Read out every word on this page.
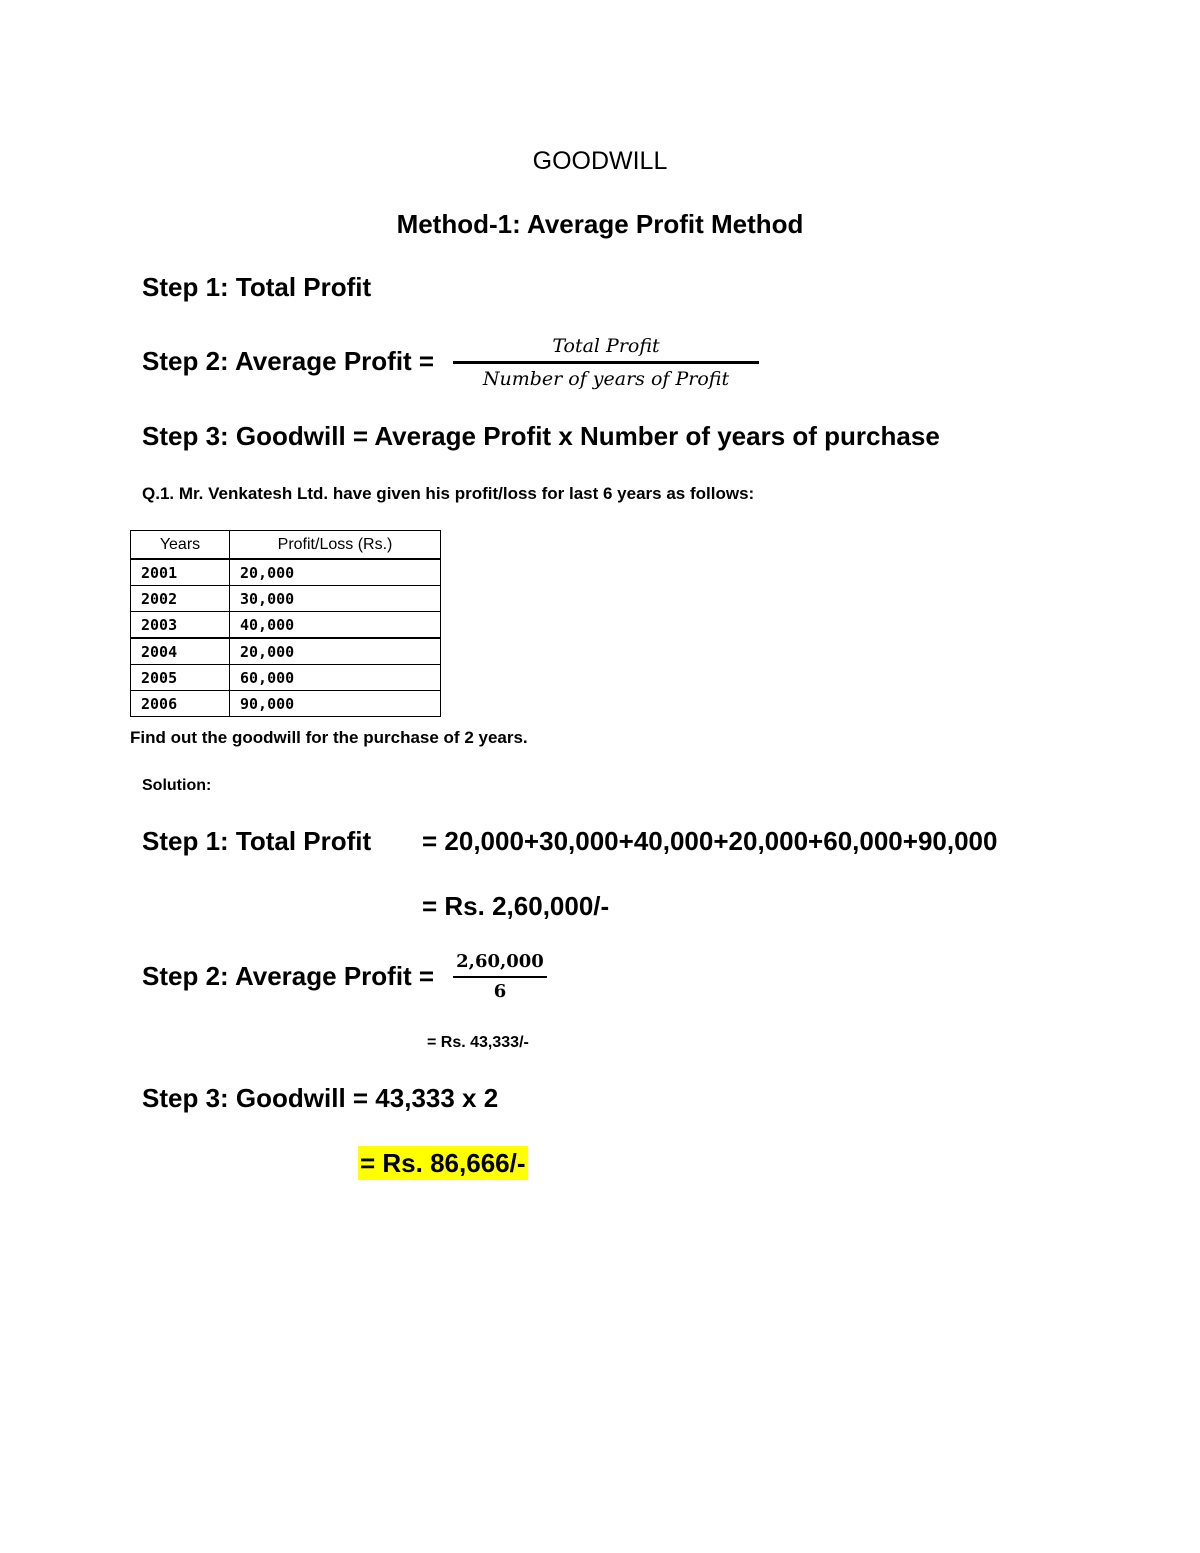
GOODWILL
Method-1: Average Profit Method
Step 1: Total Profit
Step 2: Average Profit =	Total Profit
Number of years of Profit
Step 3: Goodwill = Average Profit x Number of years of purchase
Q.1. Mr. Venkatesh Ltd. have given his profit/loss for last 6 years as follows:
Years	Profit/Loss (Rs.)
2001	20,000
2002	30,000
2003	40,000
2004	20,000
2005	60,000
2006	90,000
Find out the goodwill for the purchase of 2 years.
Solution:
Step 1: Total Profit = 20,000+30,000+40,000+20,000+60,000+90,000
= Rs. 2,60,000/-
Step 2: Average Profit = 2,60,000
6
= Rs. 43,333/-
Step 3: Goodwill = 43,333 x 2
= Rs. 86,666/-
